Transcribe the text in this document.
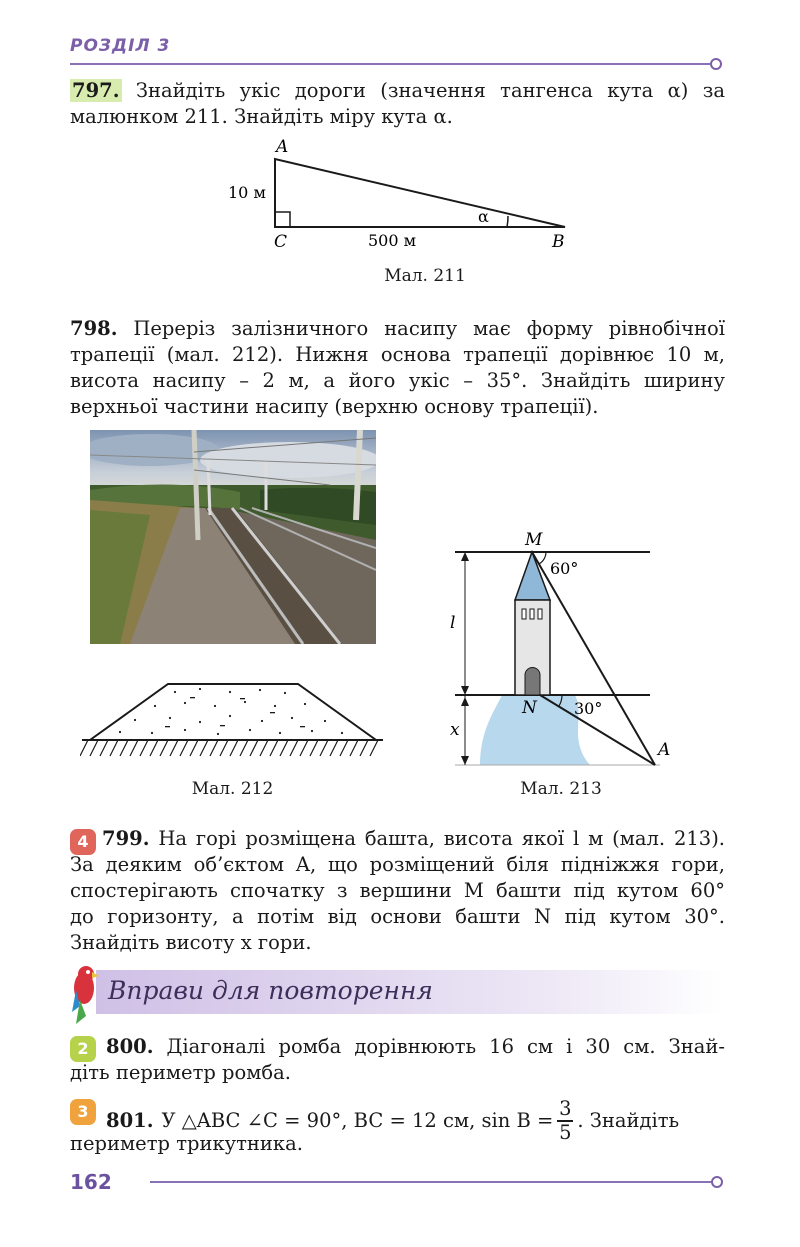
РОЗДІЛ 3
797. Знайдіть укіс дороги (значення тангенса кута α) за
малюнком 211. Знайдіть міру кута α.
A
C	B
10 м
500 м
α
Мал. 211
798. Переріз залізничного насипу має форму рівнобічної
трапеції (мал. 212). Нижня основа трапеції дорівнює 10 м,
висота насипу – 2 м, а його укіс – 35°. Знайдіть ширину
верхньої частини насипу (верхню основу трапеції).
Мал. 212
M
N
A
l
x
60°
30°
Мал. 213
4 799. На горі розміщена башта, висота якої l м (мал. 213).
За деяким об’єктом A, що розміщений біля підніжжя гори,
спостерігають спочатку з вершини M башти під кутом 60°
до горизонту, а потім від основи башти N під кутом 30°.
Знайдіть висоту x гори.
Вправи для повторення
2 800. Діагоналі ромба дорівнюють 16 см і 30 см. Знай-
діть периметр ромба.
3 801. У △ABC ∠C = 90°, BC = 12 см, sin B =
3
5
. Знайдіть
периметр трикутника.
162
